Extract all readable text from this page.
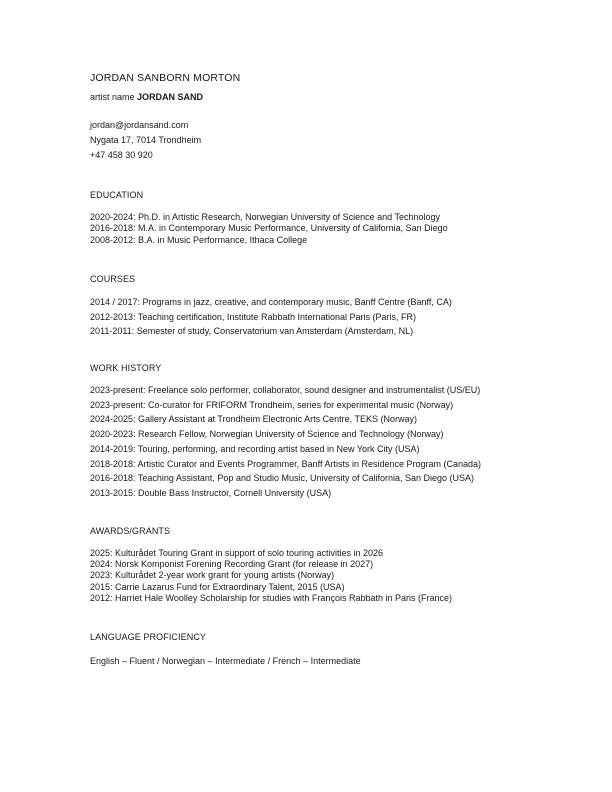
JORDAN SANBORN MORTON
artist name JORDAN SAND
jordan@jordansand.com
Nygata 17, 7014 Trondheim
+47 458 30 920
EDUCATION
2020-2024: Ph.D. in Artistic Research, Norwegian University of Science and Technology
2016-2018: M.A. in Contemporary Music Performance, University of California, San Diego
2008-2012: B.A. in Music Performance, Ithaca College
COURSES
2014 / 2017: Programs in jazz, creative, and contemporary music, Banff Centre (Banff, CA)
2012-2013: Teaching certification, Institute Rabbath International Paris (Paris, FR)
2011-2011: Semester of study, Conservatorium van Amsterdam (Amsterdam, NL)
WORK HISTORY
2023-present: Freelance solo performer, collaborator, sound designer and instrumentalist (US/EU)
2023-present: Co-curator for FRIFORM Trondheim, series for experimental music (Norway)
2024-2025: Gallery Assistant at Trondheim Electronic Arts Centre, TEKS (Norway)
2020-2023: Research Fellow, Norwegian University of Science and Technology (Norway)
2014-2019: Touring, performing, and recording artist based in New York City (USA)
2018-2018: Artistic Curator and Events Programmer, Banff Artists in Residence Program (Canada)
2016-2018: Teaching Assistant, Pop and Studio Music, University of California, San Diego (USA)
2013-2015: Double Bass Instructor, Cornell University (USA)
AWARDS/GRANTS
2025: Kulturådet Touring Grant in support of solo touring activities in 2026
2024: Norsk Komponist Forening Recording Grant (for release in 2027)
2023: Kulturådet 2-year work grant for young artists (Norway)
2015: Carrie Lazarus Fund for Extraordinary Talent, 2015 (USA)
2012: Harriet Hale Woolley Scholarship for studies with François Rabbath in Paris (France)
LANGUAGE PROFICIENCY
English – Fluent / Norwegian – Intermediate / French – Intermediate
